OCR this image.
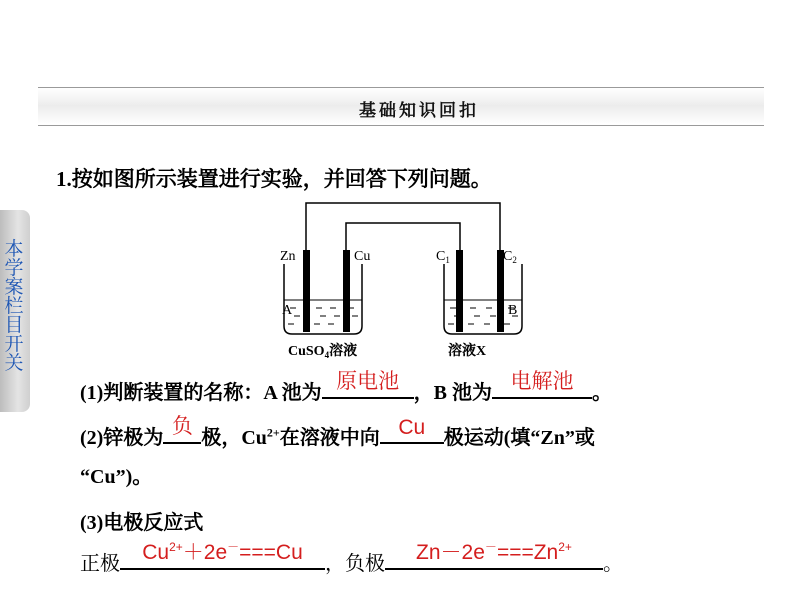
基础知识回扣
本学案栏目开关
1.按如图所示装置进行实验，并回答下列问题。
Zn	Cu
A
$C_1$	$C_2$
B
CuSO$_4$溶液	溶液X
(1)判断装置的名称：A 池为 原电池 ，B 池为 电解池 。
(2)锌极为 负 极，$Cu^{2+}$在溶液中向 Cu 极运动(填“Zn”或
“Cu”)。
(3)电极反应式
正极	$Cu^{2+}+2e^-===Cu$	，负极	$Zn-2e^-===Zn^{2+}$
。
